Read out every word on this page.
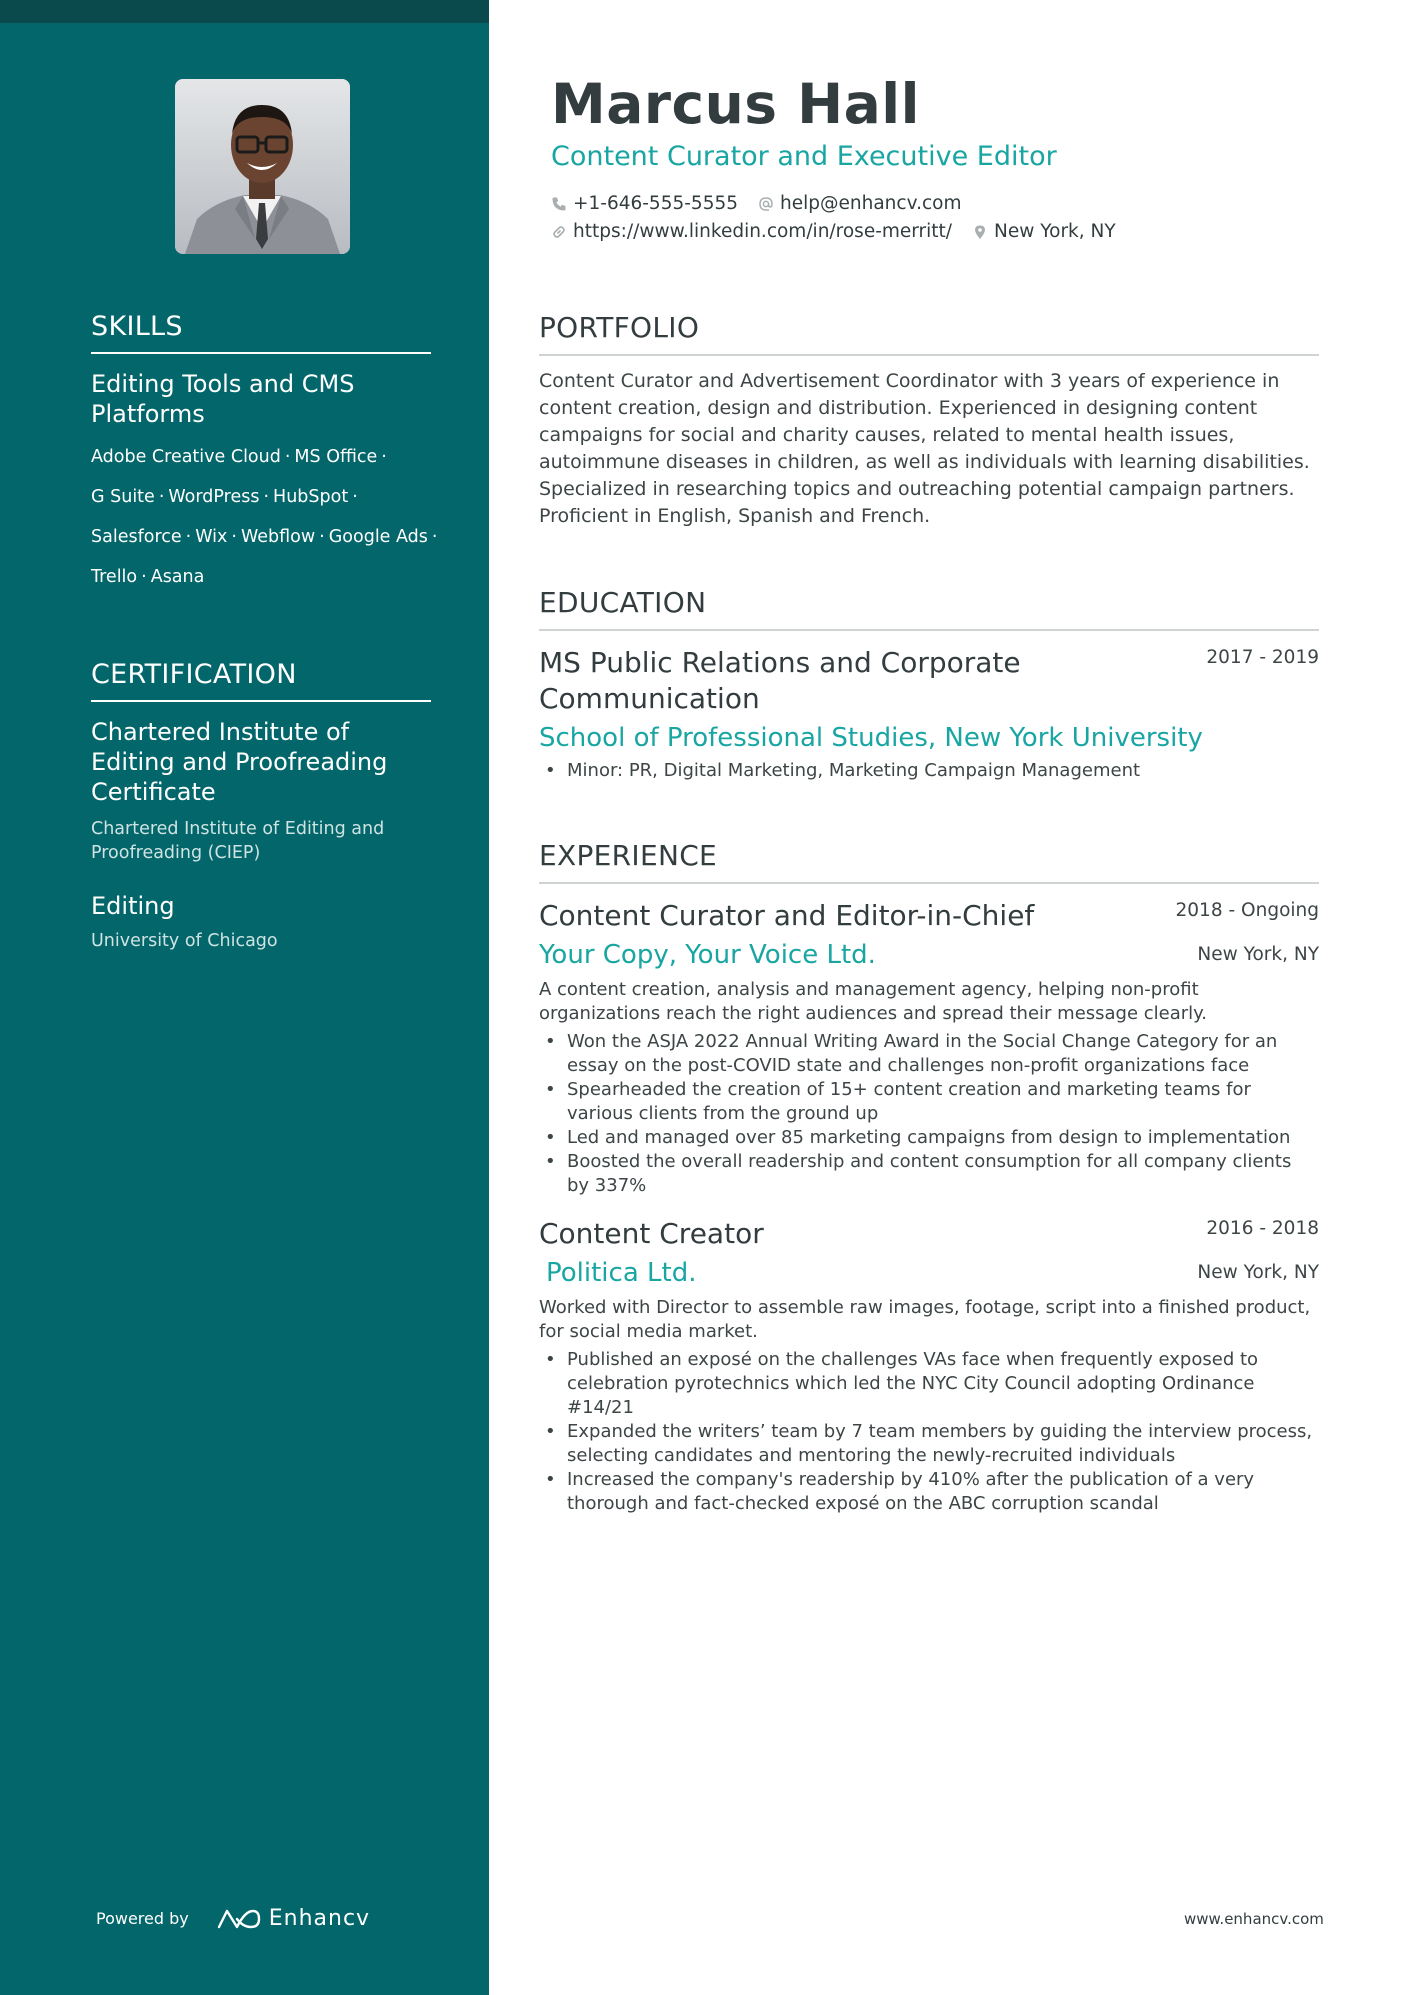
SKILLS
Editing Tools and CMS Platforms
Adobe Creative Cloud · MS Office ·
G Suite · WordPress · HubSpot ·
Salesforce · Wix · Webflow · Google Ads ·
Trello · Asana
CERTIFICATION
Chartered Institute of Editing and Proofreading Certificate
Chartered Institute of Editing and Proofreading (CIEP)
Editing
University of Chicago
Powered by	Enhancv
Marcus Hall
Content Curator and Executive Editor
+1-646-555-5555 help@enhancv.com
https://www.linkedin.com/in/rose-merritt/ New York, NY
PORTFOLIO
Content Curator and Advertisement Coordinator with 3 years of experience in content creation, design and distribution. Experienced in designing content campaigns for social and charity causes, related to mental health issues, autoimmune diseases in children, as well as individuals with learning disabilities. Specialized in researching topics and outreaching potential campaign partners. Proficient in English, Spanish and French.
EDUCATION
MS Public Relations and Corporate Communication
2017 - 2019
School of Professional Studies, New York University
• Minor: PR, Digital Marketing, Marketing Campaign Management
EXPERIENCE
Content Curator and Editor-in-Chief	2018 - Ongoing
Your Copy, Your Voice Ltd.	New York, NY
A content creation, analysis and management agency, helping non-profit organizations reach the right audiences and spread their message clearly.
• Won the ASJA 2022 Annual Writing Award in the Social Change Category for an essay on the post-COVID state and challenges non-profit organizations face
• Spearheaded the creation of 15+ content creation and marketing teams for various clients from the ground up
• Led and managed over 85 marketing campaigns from design to implementation
• Boosted the overall readership and content consumption for all company clients by 337%
Content Creator	2016 - 2018
Politica Ltd.	New York, NY
Worked with Director to assemble raw images, footage, script into a finished product, for social media market.
• Published an exposé on the challenges VAs face when frequently exposed to celebration pyrotechnics which led the NYC City Council adopting Ordinance #14/21
• Expanded the writers’ team by 7 team members by guiding the interview process, selecting candidates and mentoring the newly-recruited individuals
• Increased the company's readership by 410% after the publication of a very thorough and fact-checked exposé on the ABC corruption scandal
www.enhancv.com
